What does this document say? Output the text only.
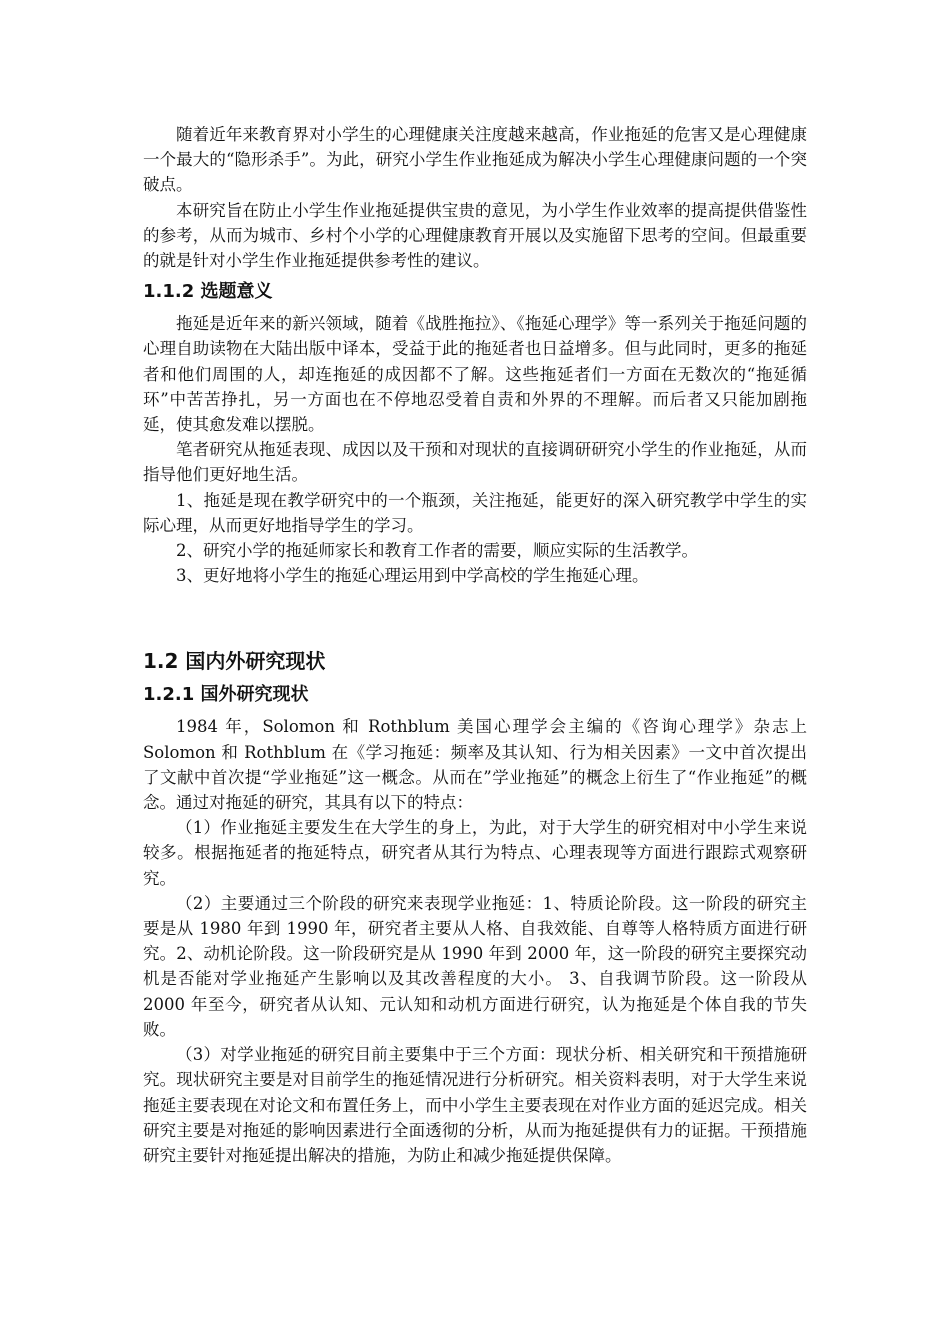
随着近年来教育界对小学生的心理健康关注度越来越高，作业拖延的危害又是心理健康一个最大的“隐形杀手”。为此，研究小学生作业拖延成为解决小学生心理健康问题的一个突破点。

本研究旨在防止小学生作业拖延提供宝贵的意见，为小学生作业效率的提高提供借鉴性的参考，从而为城市、乡村个小学的心理健康教育开展以及实施留下思考的空间。但最重要的就是针对小学生作业拖延提供参考性的建议。

1.1.2 选题意义

拖延是近年来的新兴领域，随着《战胜拖拉》、《拖延心理学》等一系列关于拖延问题的心理自助读物在大陆出版中译本，受益于此的拖延者也日益增多。但与此同时，更多的拖延者和他们周围的人，却连拖延的成因都不了解。这些拖延者们一方面在无数次的“拖延循环”中苦苦挣扎，另一方面也在不停地忍受着自责和外界的不理解。而后者又只能加剧拖延，使其愈发难以摆脱。

笔者研究从拖延表现、成因以及干预和对现状的直接调研研究小学生的作业拖延，从而指导他们更好地生活。

1、拖延是现在教学研究中的一个瓶颈，关注拖延，能更好的深入研究教学中学生的实际心理，从而更好地指导学生的学习。

2、研究小学的拖延师家长和教育工作者的需要，顺应实际的生活教学。

3、更好地将小学生的拖延心理运用到中学高校的学生拖延心理。

1.2 国内外研究现状
1.2.1 国外研究现状

1984 年，Solomon 和 Rothblum 美国心理学会主编的《咨询心理学》杂志上Solomon 和 Rothblum 在《学习拖延：频率及其认知、行为相关因素》一文中首次提出了文献中首次提“学业拖延”这一概念。从而在”学业拖延”的概念上衍生了“作业拖延”的概念。通过对拖延的研究，其具有以下的特点：

（1）作业拖延主要发生在大学生的身上，为此，对于大学生的研究相对中小学生来说较多。根据拖延者的拖延特点，研究者从其行为特点、心理表现等方面进行跟踪式观察研究。

（2）主要通过三个阶段的研究来表现学业拖延：1、特质论阶段。这一阶段的研究主要是从 1980 年到 1990 年，研究者主要从人格、自我效能、自尊等人格特质方面进行研究。2、动机论阶段。这一阶段研究是从 1990 年到 2000 年，这一阶段的研究主要探究动机是否能对学业拖延产生影响以及其改善程度的大小。 3、自我调节阶段。这一阶段从 2000 年至今，研究者从认知、元认知和动机方面进行研究，认为拖延是个体自我的节失败。

（3）对学业拖延的研究目前主要集中于三个方面：现状分析、相关研究和干预措施研究。现状研究主要是对目前学生的拖延情况进行分析研究。相关资料表明，对于大学生来说拖延主要表现在对论文和布置任务上，而中小学生主要表现在对作业方面的延迟完成。相关研究主要是对拖延的影响因素进行全面透彻的分析，从而为拖延提供有力的证据。干预措施研究主要针对拖延提出解决的措施，为防止和减少拖延提供保障。
